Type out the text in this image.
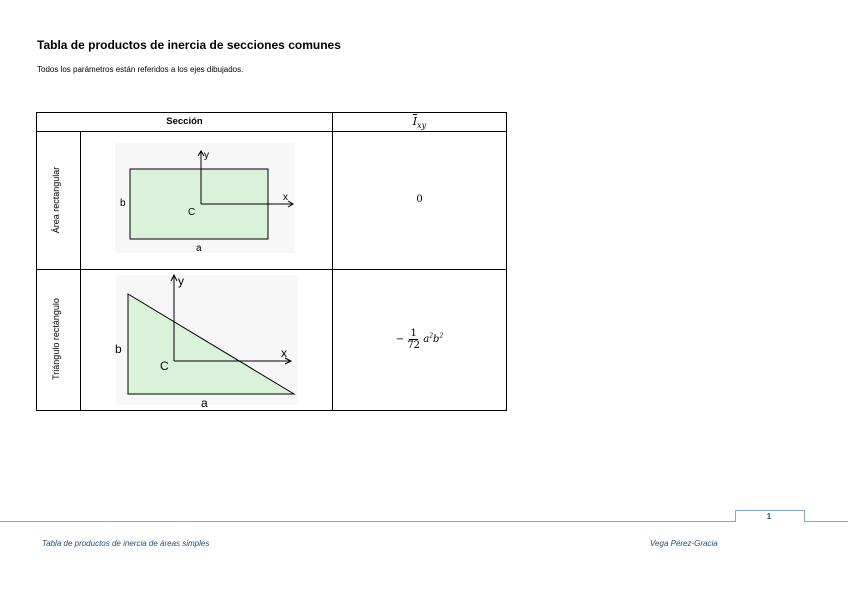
Tabla de productos de inercia de secciones comunes
Todos los parámetros están referidos a los ejes dibujados.
Sección	$\overline{I}_{xy}$
Área rectangular
y
x
C
b
a
0
Triángulo rectángulo
y
x
C
b
a
− $\frac{1}{72} a^2b^2$
1
Tabla de productos de inercia de áreas simples	Vega Pérez-Gracia
